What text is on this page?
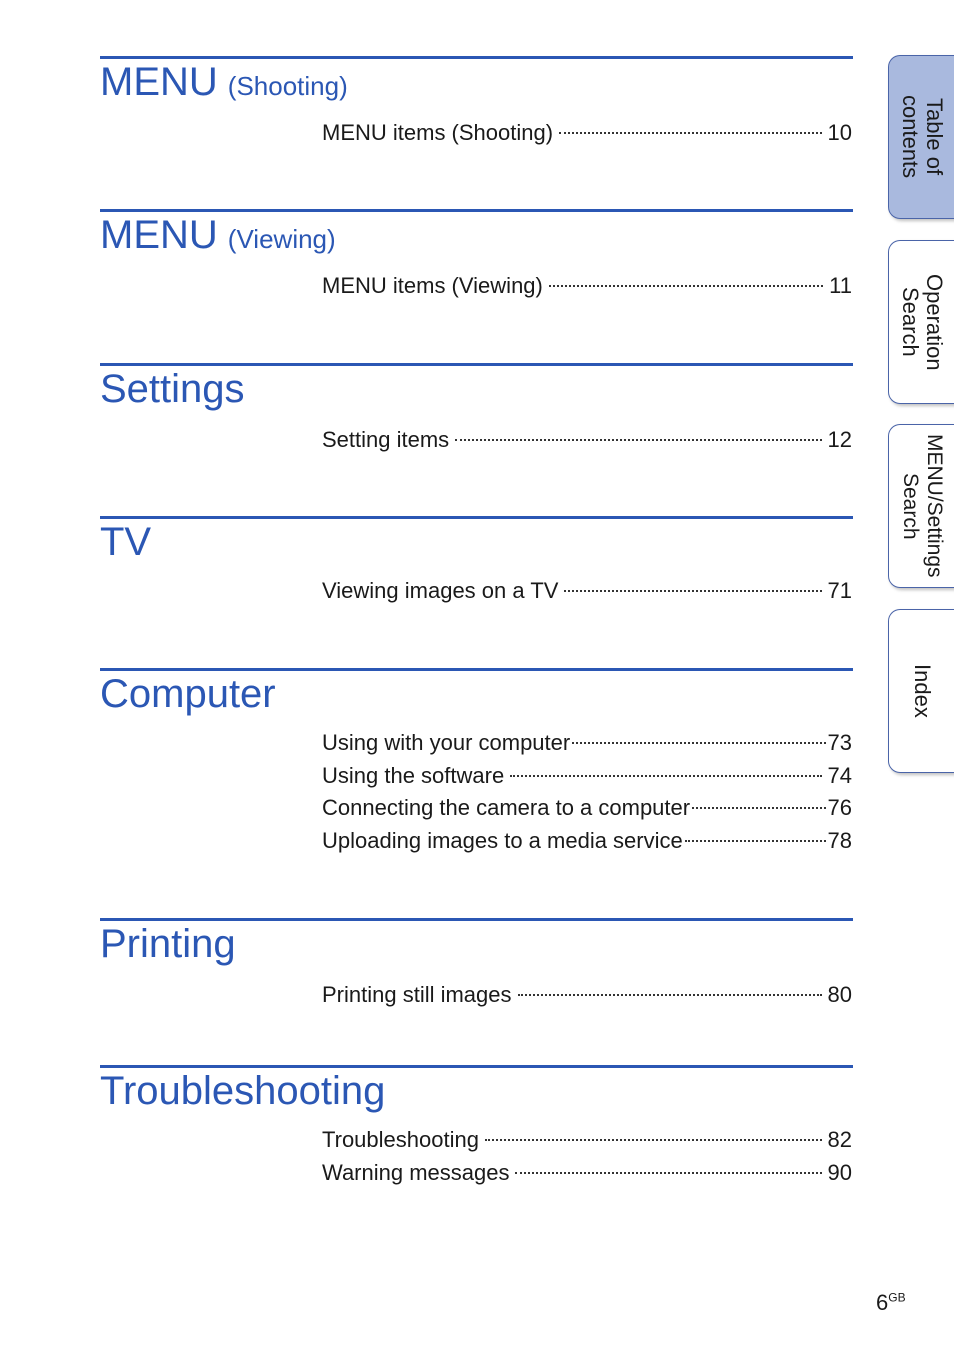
MENU (Shooting)
MENU items (Shooting)	10
MENU (Viewing)
MENU items (Viewing)	11
Settings
Setting items	12
TV
Viewing images on a TV	71
Computer
Using with your computer	73
Using the software	74
Connecting the camera to a computer	76
Uploading images to a media service	78
Printing
Printing still images	80
Troubleshooting
Troubleshooting	82
Warning messages	90
Table of
contents
Operation
Search
MENU/Settings
Search
Index
$6^{GB}$
